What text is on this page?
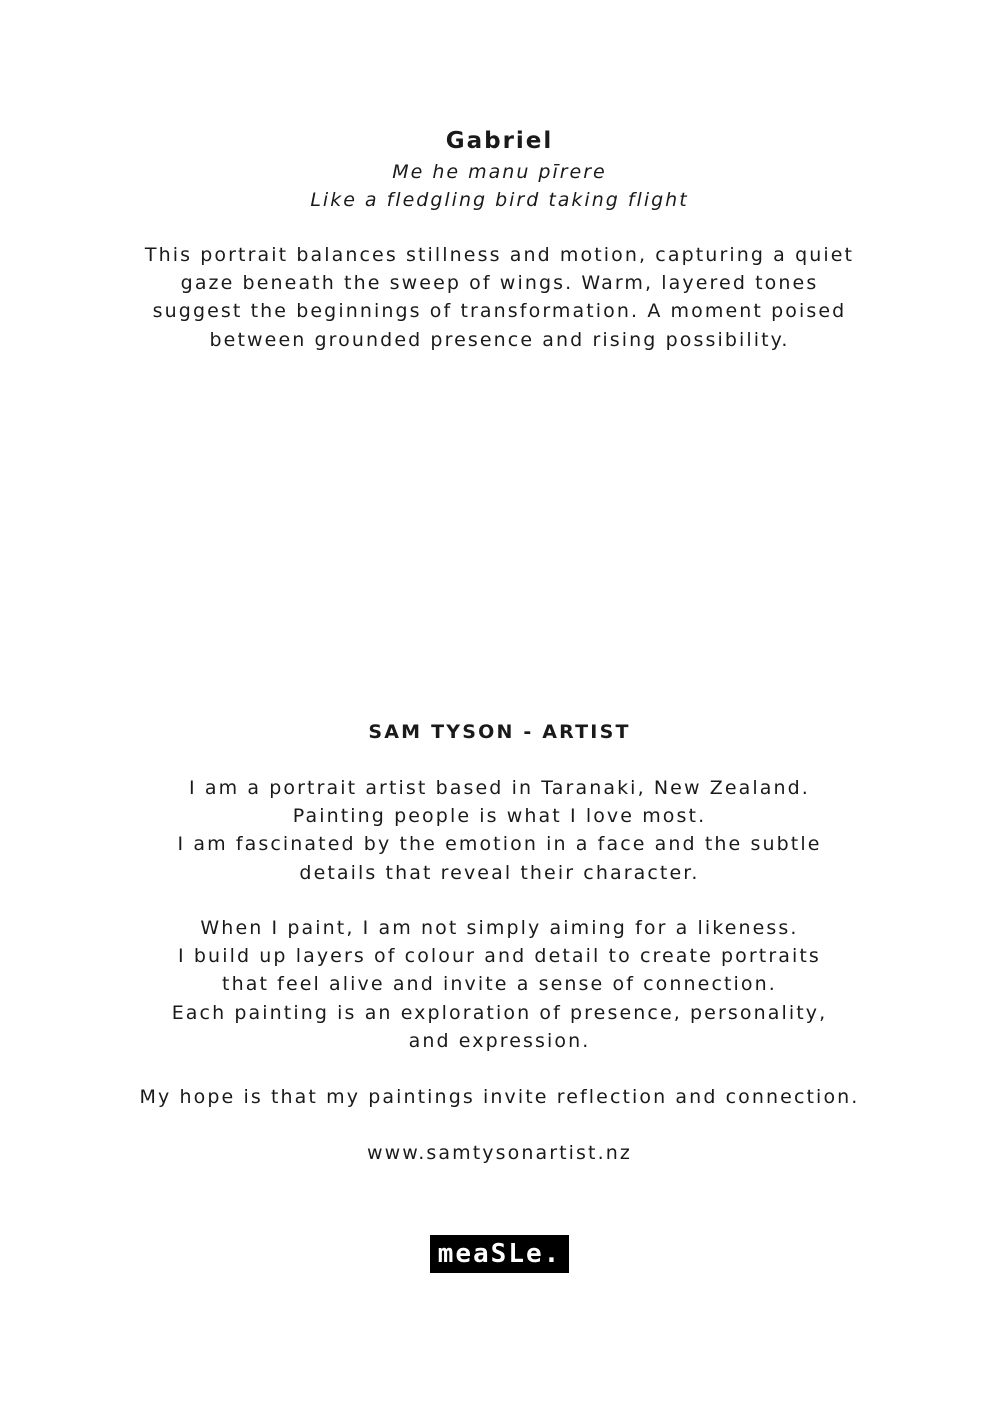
Gabriel
Me he manu pīrere
Like a fledgling bird taking flight
This portrait balances stillness and motion, capturing a quiet
gaze beneath the sweep of wings. Warm, layered tones
suggest the beginnings of transformation. A moment poised
between grounded presence and rising possibility.
SAM TYSON - ARTIST
I am a portrait artist based in Taranaki, New Zealand.
Painting people is what I love most.
I am fascinated by the emotion in a face and the subtle
details that reveal their character.
When I paint, I am not simply aiming for a likeness.
I build up layers of colour and detail to create portraits
that feel alive and invite a sense of connection.
Each painting is an exploration of presence, personality,
and expression.
My hope is that my paintings invite reflection and connection.
www.samtysonartist.nz
meaSLe.
